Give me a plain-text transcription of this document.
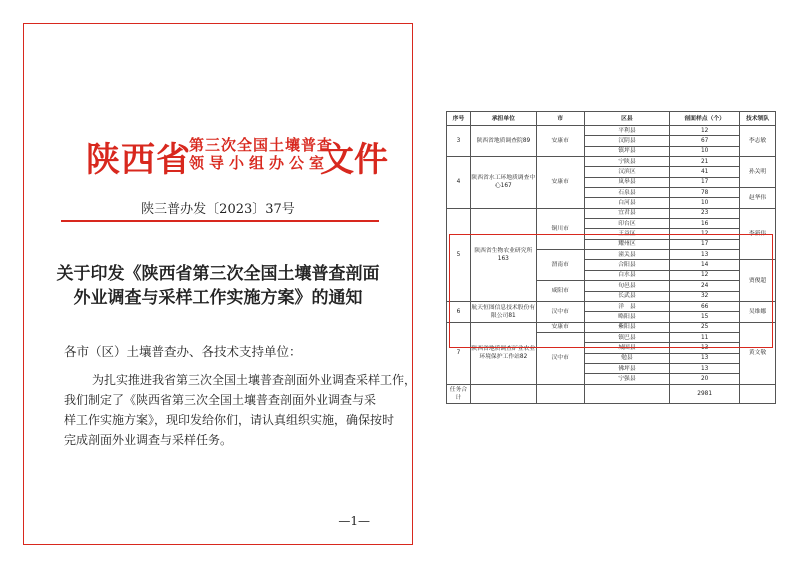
陕西省
第三次全国土壤普查
领导小组办公室
文件
陕三普办发〔2023〕37号
关于印发《陕西省第三次全国土壤普查剖面
外业调查与采样工作实施方案》的通知
各市（区）土壤普查办、各技术支持单位：
为扎实推进我省第三次全国土壤普查剖面外业调查采样工作，
我们制定了《陕西省第三次全国土壤普查剖面外业调查与采
样工作实施方案》，现印发给你们，请认真组织实施，确保按时
完成剖面外业调查与采样任务。
—1—
序号	承担单位	市	区县	剖面样点（个）	技术领队
3	陕西省地质调查院89	安康市	平利县	12	李志敏
			汉阴县	67	
			镇坪县	10	
4	陕西省水工环地质调查中心167	安康市	宁陕县	21	孙关明
			汉滨区	41	
			岚皋县	17	
			石泉县	78	赵华伟
			白河县	10	
5	陕西省生物农业研究所163	铜川市	宜君县	23	李新伟
			印台区	16	
			王益区	12	
			耀州区	17	
		渭南市	潼关县	13	
			合阳县	14	贾俊超
			白水县	12	
		咸阳市	旬邑县	24	
			长武县	32	
6	航天恒图信息技术股份有限公司81	汉中市	洋　县	66	吴维娜
			略阳县	15	
7	陕西省地质调查矿业农业环境保护工作站82	安康市	紫阳县	25	黄文敬
		汉中市	镇巴县	11	
			城固县	13	
			勉县	13	
			佛坪县	13	
			宁强县	20	
任务合计				2981	
